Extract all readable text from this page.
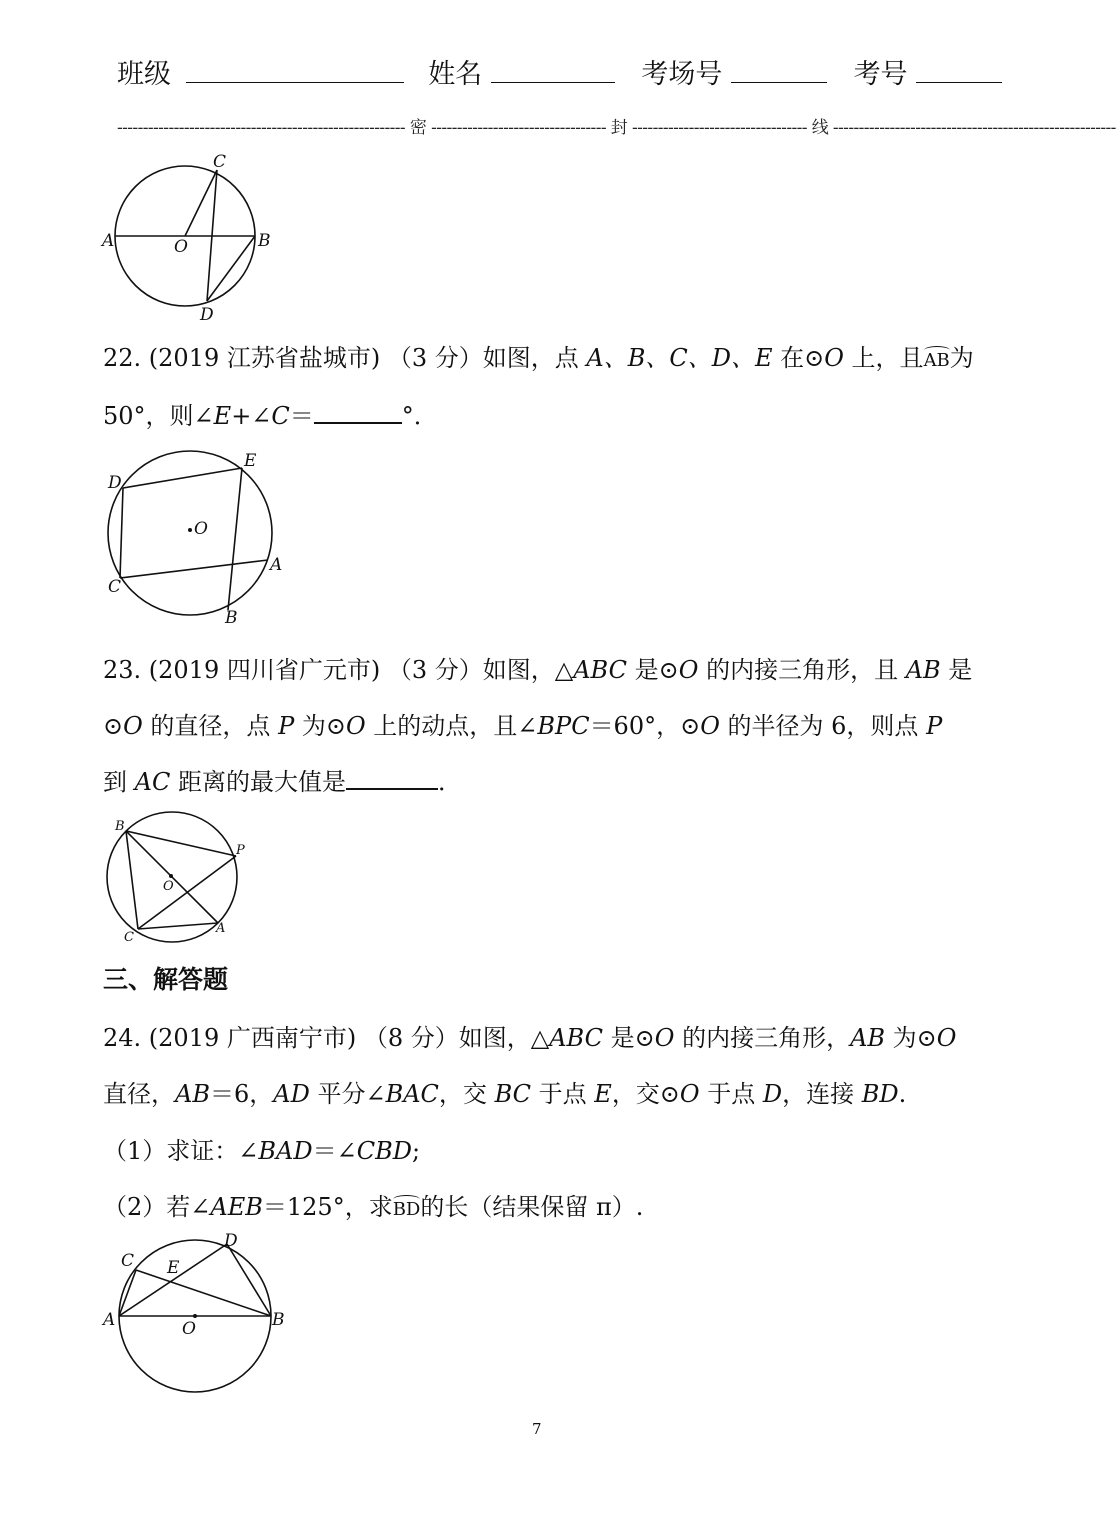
班级	姓名	考场号	考号
-------------------------------------------------------- 密 ---------------------------------- 封 ---------------------------------- 线 -------------------------------------------------------
A	O	B
C
D
22. (2019 江苏省盐城市) （3 分）如图，点 A、B、C、D、E 在⊙O 上，且AB为
50°，则∠E+∠C＝	°．
D
E
O
C
A
B
23. (2019 四川省广元市) （3 分）如图，△ABC 是⊙O 的内接三角形，且 AB 是
⊙O 的直径，点 P 为⊙O 上的动点，且∠BPC＝60°，⊙O 的半径为 6，则点 P
到 AC 距离的最大值是	．
B
P
O
C
A
三、解答题
24. (2019 广西南宁市) （8 分）如图，△ABC 是⊙O 的内接三角形，AB 为⊙O
直径，AB＝6，AD 平分∠BAC，交 BC 于点 E，交⊙O 于点 D，连接 BD.
（1）求证：∠BAD＝∠CBD;
（2）若∠AEB＝125°，求BD的长（结果保留 π）.
C
D
E
A	O	B
7
